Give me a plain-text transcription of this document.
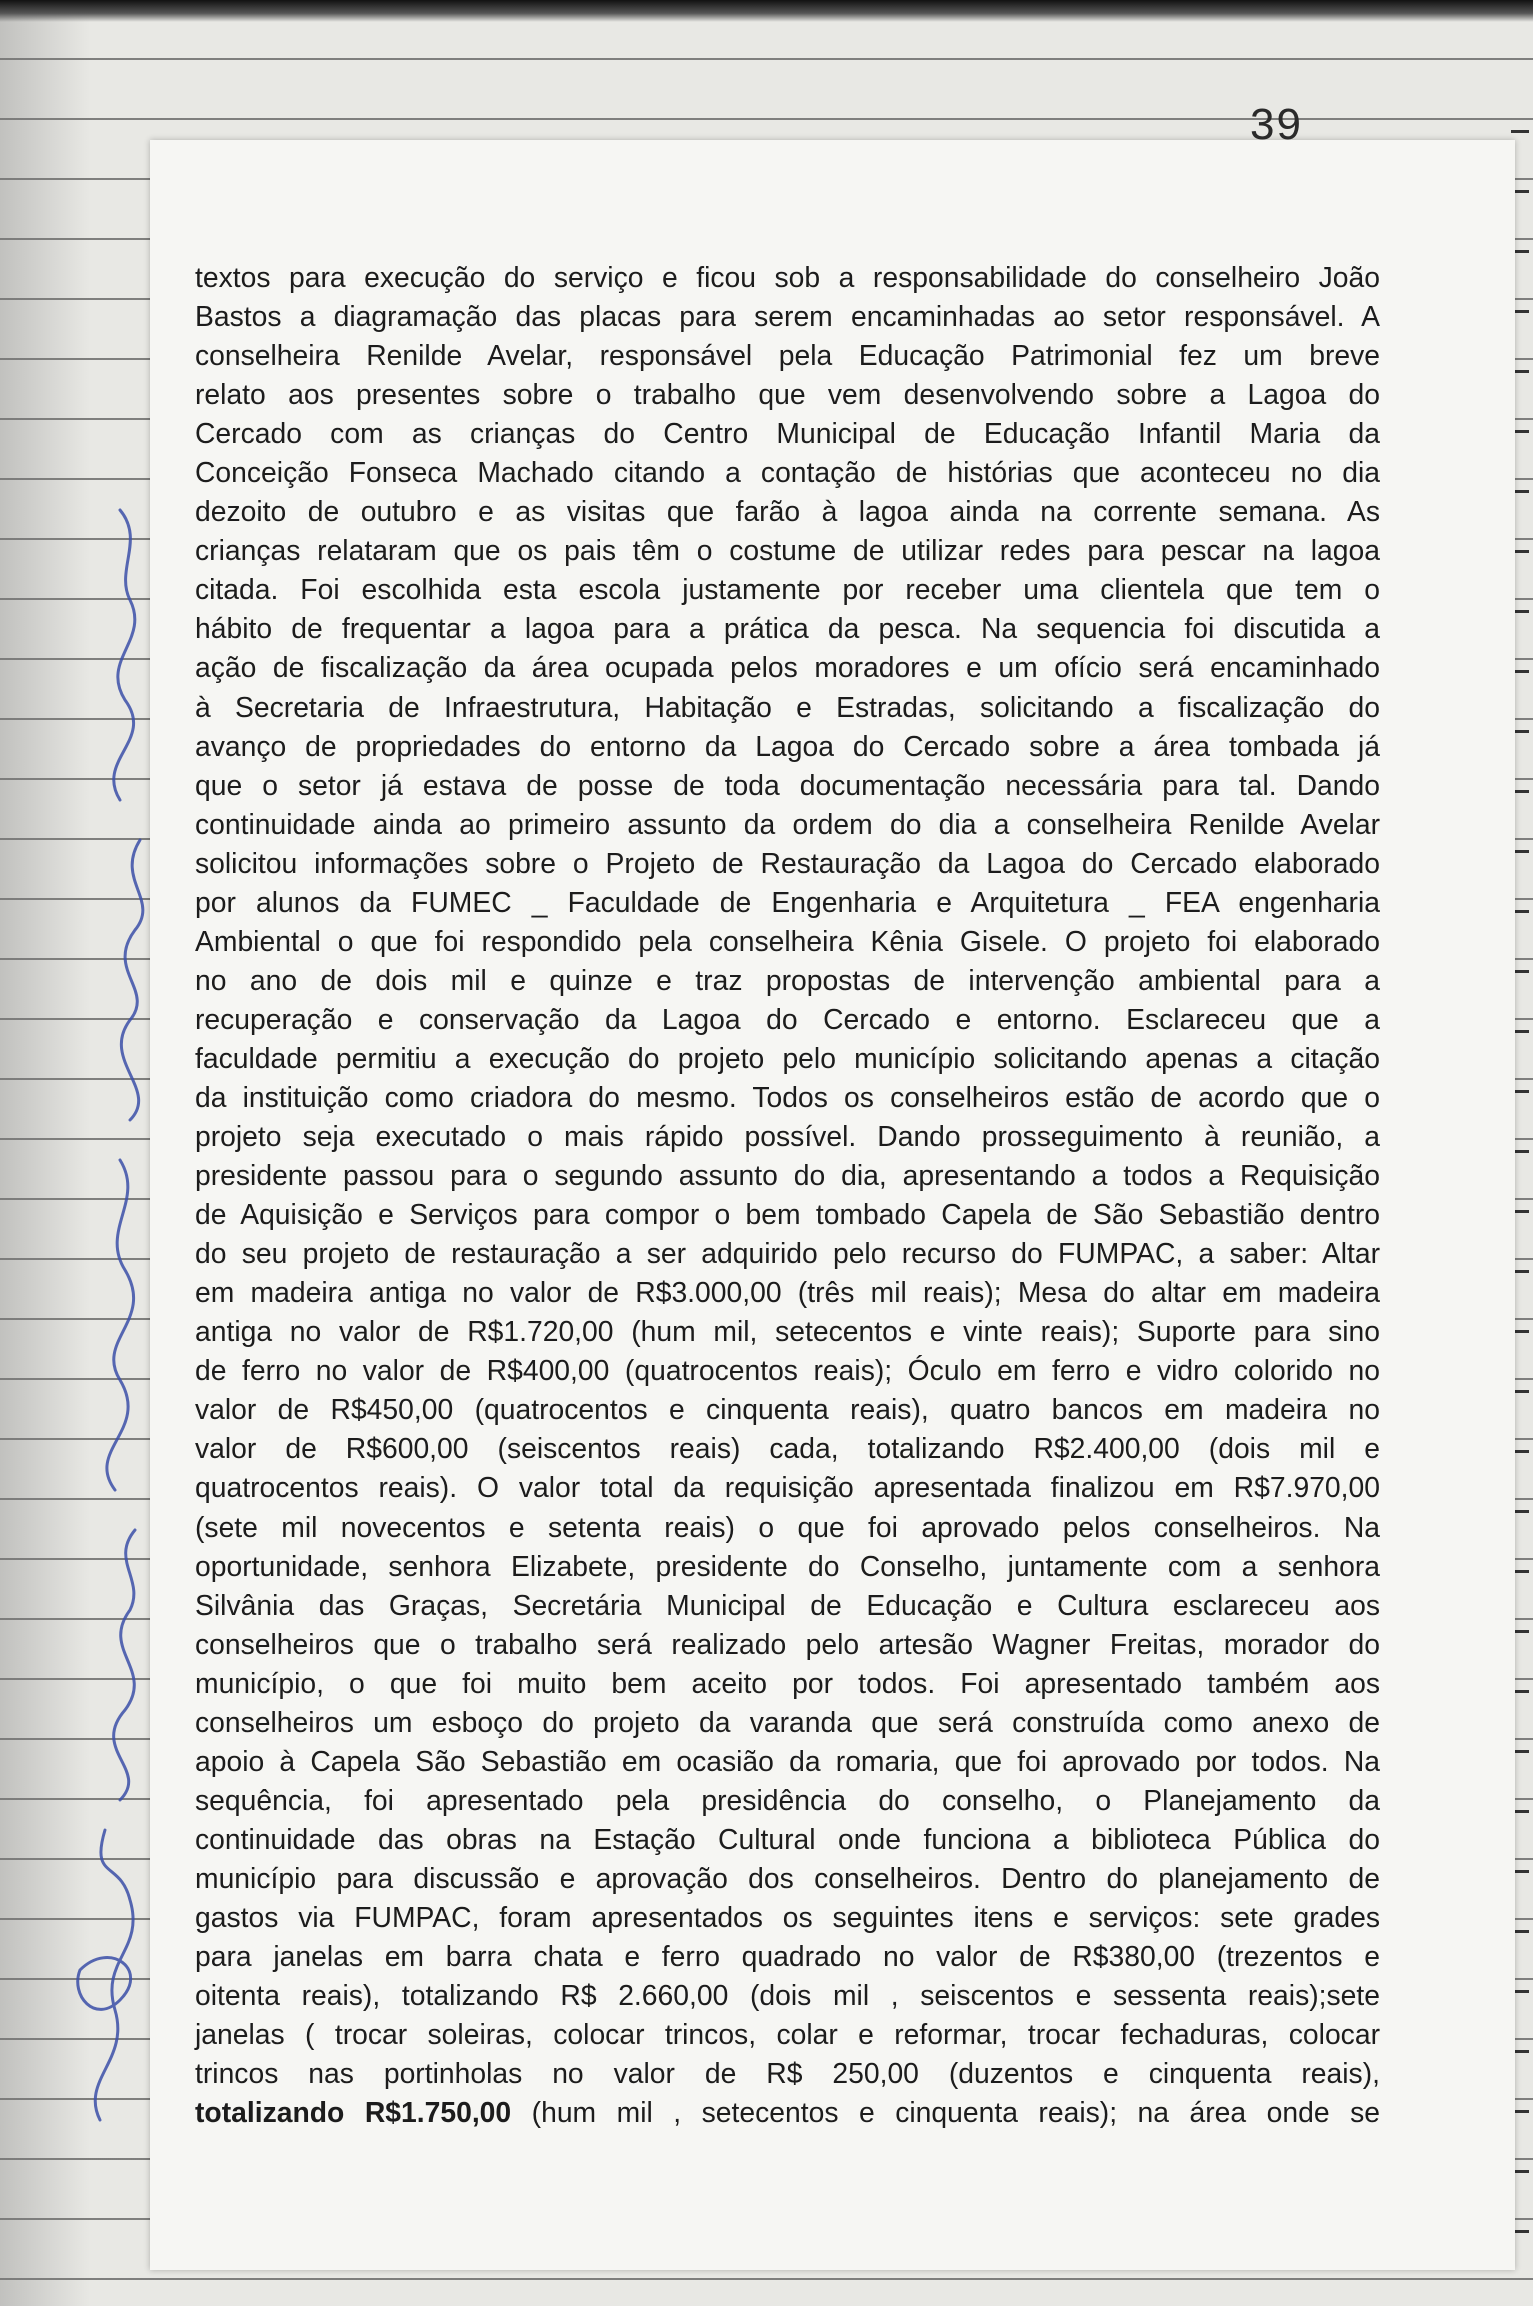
39
textos para execução do serviço e ficou sob a responsabilidade do conselheiro João
Bastos a diagramação das placas para serem encaminhadas ao setor responsável. A
conselheira Renilde Avelar, responsável pela Educação Patrimonial fez um breve
relato aos presentes sobre o trabalho que vem desenvolvendo sobre a Lagoa do
Cercado com as crianças do Centro Municipal de Educação Infantil Maria da
Conceição Fonseca Machado citando a contação de histórias que aconteceu no dia
dezoito de outubro e as visitas que farão à lagoa ainda na corrente semana. As
crianças relataram que os pais têm o costume de utilizar redes para pescar na lagoa
citada. Foi escolhida esta escola justamente por receber uma clientela que tem o
hábito de frequentar a lagoa para a prática da pesca. Na sequencia foi discutida a
ação de fiscalização da área ocupada pelos moradores e um ofício será encaminhado
à Secretaria de Infraestrutura, Habitação e Estradas, solicitando a fiscalização do
avanço de propriedades do entorno da Lagoa do Cercado sobre a área tombada já
que o setor já estava de posse de toda documentação necessária para tal. Dando
continuidade ainda ao primeiro assunto da ordem do dia a conselheira Renilde Avelar
solicitou informações sobre o Projeto de Restauração da Lagoa do Cercado elaborado
por alunos da FUMEC _ Faculdade de Engenharia e Arquitetura _ FEA engenharia
Ambiental o que foi respondido pela conselheira Kênia Gisele. O projeto foi elaborado
no ano de dois mil e quinze e traz propostas de intervenção ambiental para a
recuperação e conservação da Lagoa do Cercado e entorno. Esclareceu que a
faculdade permitiu a execução do projeto pelo município solicitando apenas a citação
da instituição como criadora do mesmo. Todos os conselheiros estão de acordo que o
projeto seja executado o mais rápido possível. Dando prosseguimento à reunião, a
presidente passou para o segundo assunto do dia, apresentando a todos a Requisição
de Aquisição e Serviços para compor o bem tombado Capela de São Sebastião dentro
do seu projeto de restauração a ser adquirido pelo recurso do FUMPAC, a saber: Altar
em madeira antiga no valor de R$3.000,00 (três mil reais); Mesa do altar em madeira
antiga no valor de R$1.720,00 (hum mil, setecentos e vinte reais); Suporte para sino
de ferro no valor de R$400,00 (quatrocentos reais); Óculo em ferro e vidro colorido no
valor de R$450,00 (quatrocentos e cinquenta reais), quatro bancos em madeira no
valor de R$600,00 (seiscentos reais) cada, totalizando R$2.400,00 (dois mil e
quatrocentos reais). O valor total da requisição apresentada finalizou em R$7.970,00
(sete mil novecentos e setenta reais) o que foi aprovado pelos conselheiros. Na
oportunidade, senhora Elizabete, presidente do Conselho, juntamente com a senhora
Silvânia das Graças, Secretária Municipal de Educação e Cultura esclareceu aos
conselheiros que o trabalho será realizado pelo artesão Wagner Freitas, morador do
município, o que foi muito bem aceito por todos. Foi apresentado também aos
conselheiros um esboço do projeto da varanda que será construída como anexo de
apoio à Capela São Sebastião em ocasião da romaria, que foi aprovado por todos. Na
sequência, foi apresentado pela presidência do conselho, o Planejamento da
continuidade das obras na Estação Cultural onde funciona a biblioteca Pública do
município para discussão e aprovação dos conselheiros. Dentro do planejamento de
gastos via FUMPAC, foram apresentados os seguintes itens e serviços: sete grades
para janelas em barra chata e ferro quadrado no valor de R$380,00 (trezentos e
oitenta reais), totalizando R$ 2.660,00 (dois mil , seiscentos e sessenta reais);sete
janelas ( trocar soleiras, colocar trincos, colar e reformar, trocar fechaduras, colocar
trincos nas portinholas no valor de R$ 250,00 (duzentos e cinquenta reais),
totalizando R$1.750,00 (hum mil , setecentos e cinquenta reais); na área onde se
